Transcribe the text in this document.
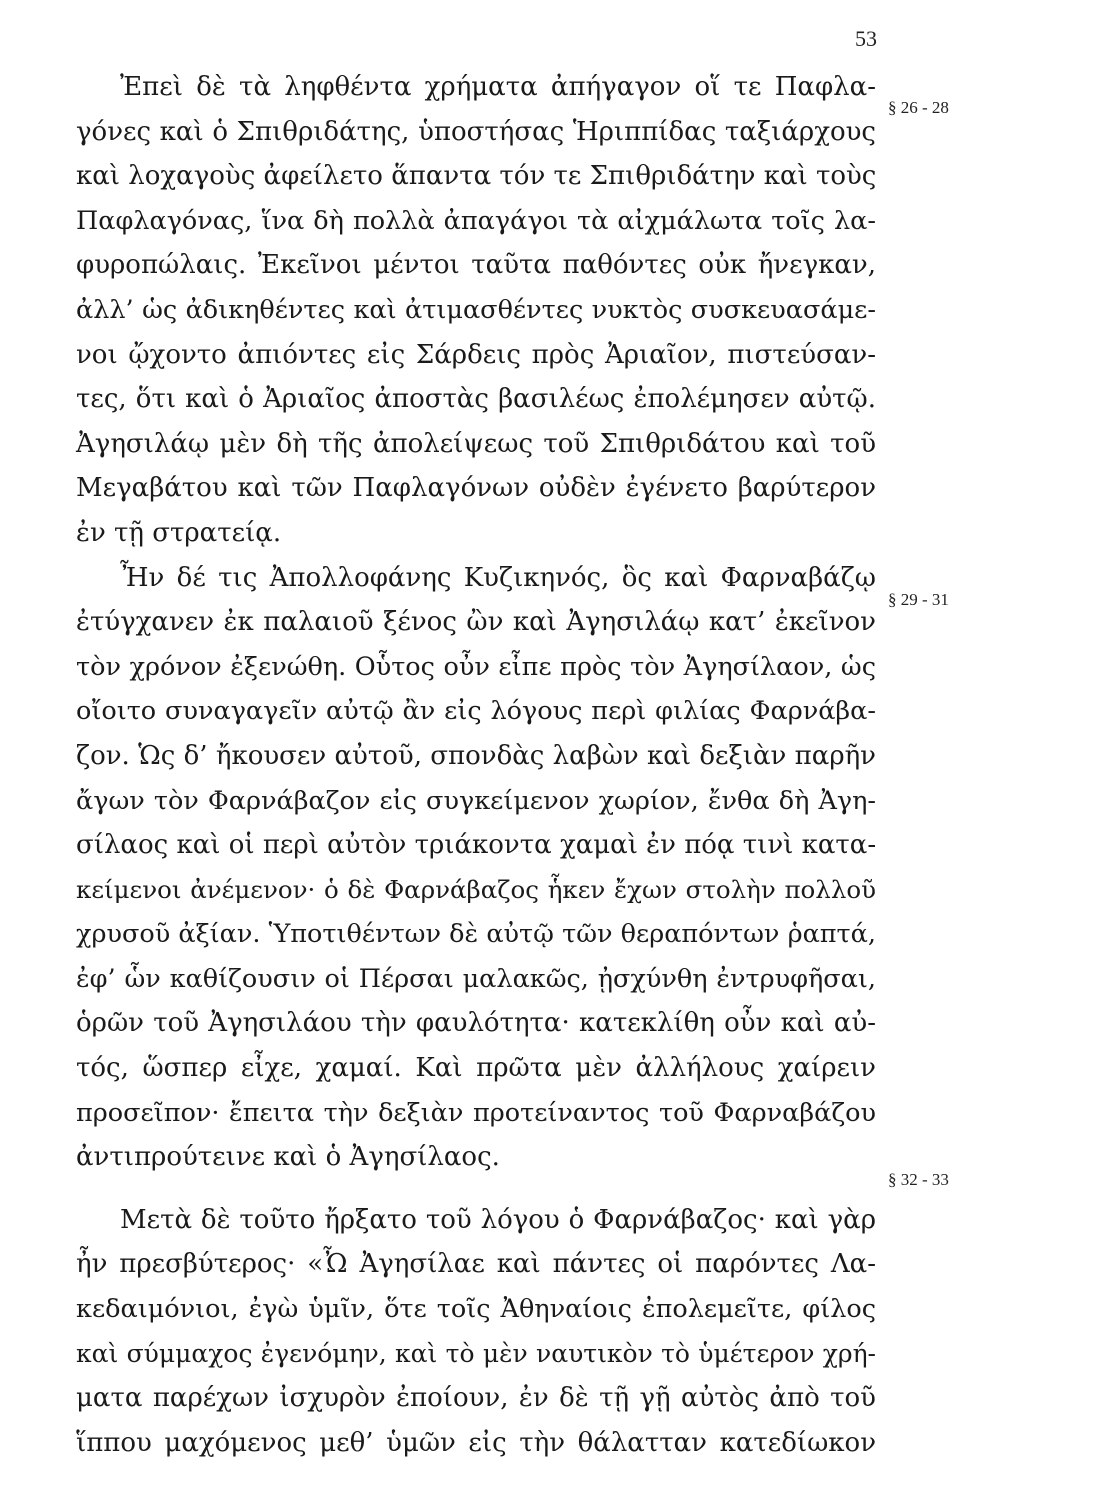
53
§ 26 - 28
§ 29 - 31
§ 32 - 33
Ἐπεὶ δὲ τὰ ληφθέντα χρήματα ἀπήγαγον οἵ τε Παφλα-
γόνες καὶ ὁ Σπιθριδάτης, ὑποστήσας Ἡριππίδας ταξιάρχους
καὶ λοχαγοὺς ἀφείλετο ἅπαντα τόν τε Σπιθριδάτην καὶ τοὺς
Παφλαγόνας, ἵνα δὴ πολλὰ ἀπαγάγοι τὰ αἰχμάλωτα τοῖς λα-
φυροπώλαις. Ἐκεῖνοι μέντοι ταῦτα παθόντες οὐκ ἤνεγκαν,
ἀλλ’ ὡς ἀδικηθέντες καὶ ἀτιμασθέντες νυκτὸς συσκευασάμε-
νοι ᾤχοντο ἀπιόντες εἰς Σάρδεις πρὸς Ἀριαῖον, πιστεύσαν-
τες, ὅτι καὶ ὁ Ἀριαῖος ἀποστὰς βασιλέως ἐπολέμησεν αὐτῷ.
Ἀγησιλάῳ μὲν δὴ τῆς ἀπολείψεως τοῦ Σπιθριδάτου καὶ τοῦ
Μεγαβάτου καὶ τῶν Παφλαγόνων οὐδὲν ἐγένετο βαρύτερον
ἐν τῇ στρατείᾳ.
Ἦν δέ τις Ἀπολλοφάνης Κυζικηνός, ὃς καὶ Φαρναβάζῳ
ἐτύγχανεν ἐκ παλαιοῦ ξένος ὢν καὶ Ἀγησιλάῳ κατ’ ἐκεῖνον
τὸν χρόνον ἐξενώθη. Οὗτος οὖν εἶπε πρὸς τὸν Ἀγησίλαον, ὡς
οἴοιτο συναγαγεῖν αὐτῷ ἂν εἰς λόγους περὶ φιλίας Φαρνάβα-
ζον. Ὡς δ’ ἤκουσεν αὐτοῦ, σπονδὰς λαβὼν καὶ δεξιὰν παρῆν
ἄγων τὸν Φαρνάβαζον εἰς συγκείμενον χωρίον, ἔνθα δὴ Ἀγη-
σίλαος καὶ οἱ περὶ αὐτὸν τριάκοντα χαμαὶ ἐν πόᾳ τινὶ κατα-
κείμενοι ἀνέμενον· ὁ δὲ Φαρνάβαζος ἧκεν ἔχων στολὴν πολλοῦ
χρυσοῦ ἀξίαν. Ὑποτιθέντων δὲ αὐτῷ τῶν θεραπόντων ῥαπτά,
ἐφ’ ὧν καθίζουσιν οἱ Πέρσαι μαλακῶς, ᾐσχύνθη ἐντρυφῆσαι,
ὁρῶν τοῦ Ἀγησιλάου τὴν φαυλότητα· κατεκλίθη οὖν καὶ αὐ-
τός, ὥσπερ εἶχε, χαμαί. Καὶ πρῶτα μὲν ἀλλήλους χαίρειν
προσεῖπον· ἔπειτα τὴν δεξιὰν προτείναντος τοῦ Φαρναβάζου
ἀντιπρούτεινε καὶ ὁ Ἀγησίλαος.
Μετὰ δὲ τοῦτο ἤρξατο τοῦ λόγου ὁ Φαρνάβαζος· καὶ γὰρ
ἦν πρεσβύτερος· «Ὦ Ἀγησίλαε καὶ πάντες οἱ παρόντες Λα-
κεδαιμόνιοι, ἐγὼ ὑμῖν, ὅτε τοῖς Ἀθηναίοις ἐπολεμεῖτε, φίλος
καὶ σύμμαχος ἐγενόμην, καὶ τὸ μὲν ναυτικὸν τὸ ὑμέτερον χρή-
ματα παρέχων ἰσχυρὸν ἐποίουν, ἐν δὲ τῇ γῇ αὐτὸς ἀπὸ τοῦ
ἵππου μαχόμενος μεθ’ ὑμῶν εἰς τὴν θάλατταν κατεδίωκον
